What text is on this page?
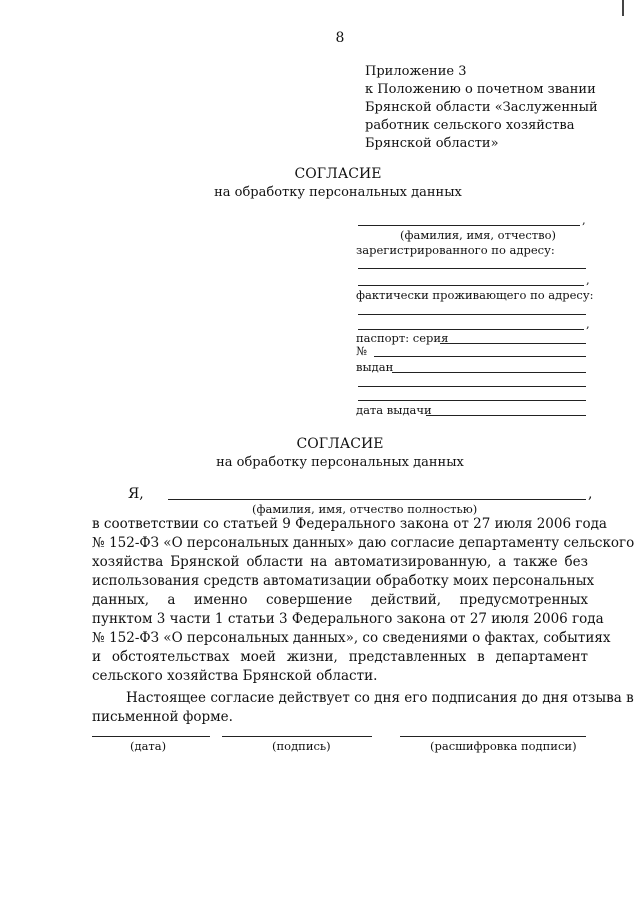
8
Приложение 3
к Положению о почетном звании
Брянской области «Заслуженный
работник сельского хозяйства
Брянской области»
СОГЛАСИЕ
на обработку персональных данных
,
(фамилия, имя, отчество)
зарегистрированного по адресу:
,
фактически проживающего по адресу:
,
паспорт: серия
№
выдан
дата выдачи
СОГЛАСИЕ
на обработку персональных данных
Я,	,
(фамилия, имя, отчество полностью)
в соответствии со статьей 9 Федерального закона от 27 июля 2006 года
№ 152-ФЗ «О персональных данных» даю согласие департаменту сельского
хозяйства Брянской области на автоматизированную, а также без
использования средств автоматизации обработку моих персональных
данных, а именно совершение действий, предусмотренных
пунктом 3 части 1 статьи 3 Федерального закона от 27 июля 2006 года
№ 152-ФЗ «О персональных данных», со сведениями о фактах, событиях
и обстоятельствах моей жизни, представленных в департамент
сельского хозяйства Брянской области.
Настоящее согласие действует со дня его подписания до дня отзыва в
письменной форме.
(дата)	(подпись)	(расшифровка подписи)
